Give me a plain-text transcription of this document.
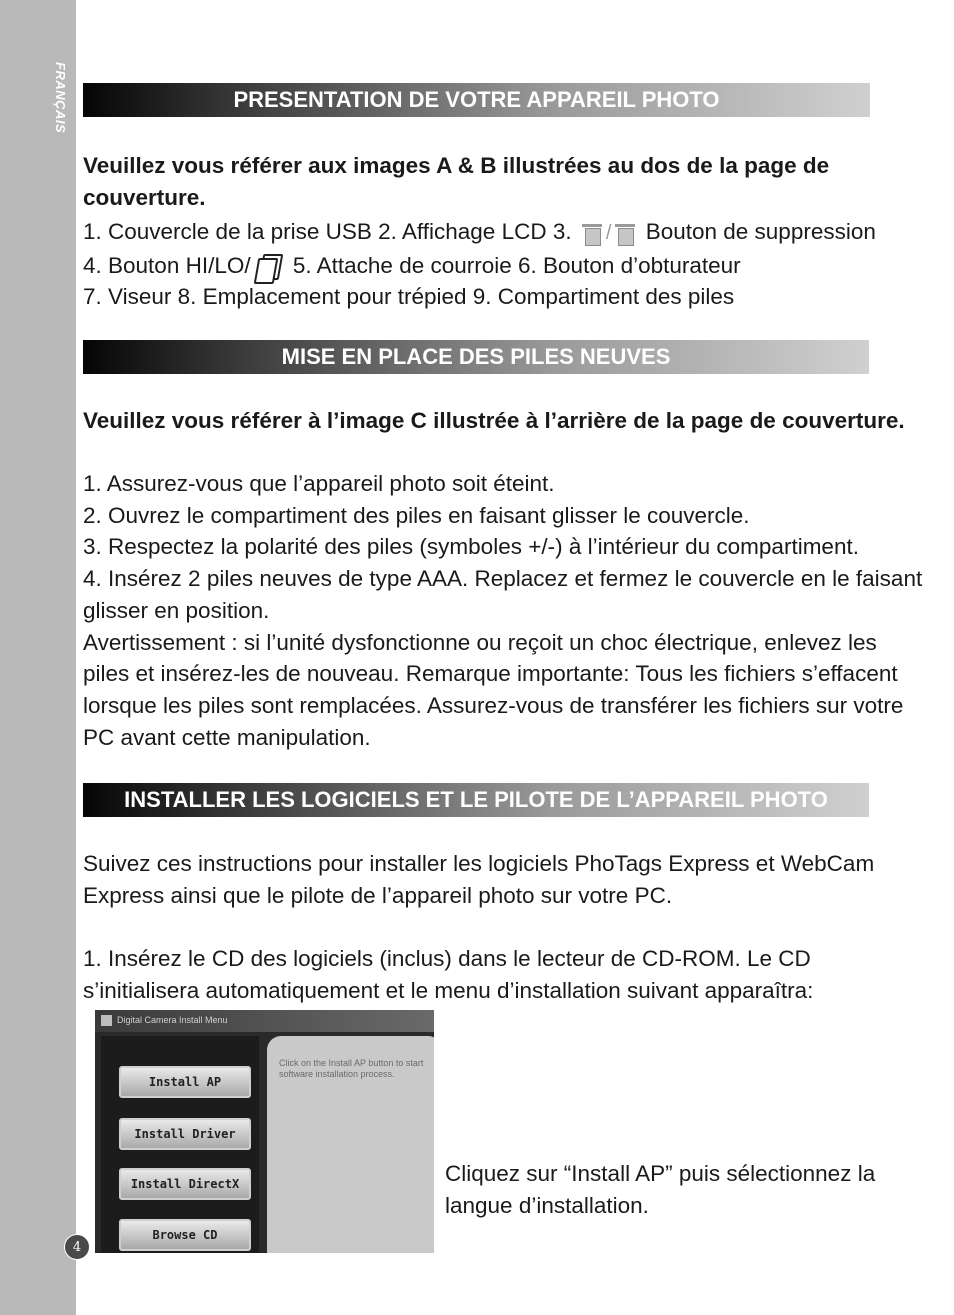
FRANÇAIS
4
PRESENTATION DE VOTRE APPAREIL PHOTO
Veuillez vous référer aux images A & B illustrées au dos de la page de
couverture.
1. Couvercle de la prise USB 2. Affichage LCD 3. / Bouton de suppression
4. Bouton HI/LO/ 5. Attache de courroie 6. Bouton d’obturateur
7. Viseur 8. Emplacement pour trépied 9. Compartiment des piles
MISE EN PLACE DES PILES NEUVES
Veuillez vous référer à l’image C illustrée à l’arrière de la page de couverture.
1. Assurez-vous que l’appareil photo soit éteint.
2. Ouvrez le compartiment des piles en faisant glisser le couvercle.
3. Respectez la polarité des piles (symboles +/-) à l’intérieur du compartiment.
4. Insérez 2 piles neuves de type AAA. Replacez et fermez le couvercle en le faisant
glisser en position.
Avertissement : si l’unité dysfonctionne ou reçoit un choc électrique, enlevez les
piles et insérez-les de nouveau. Remarque importante: Tous les fichiers s’effacent
lorsque les piles sont remplacées. Assurez-vous de transférer les fichiers sur votre
PC avant cette manipulation.
INSTALLER LES LOGICIELS ET LE PILOTE DE L’APPAREIL PHOTO
Suivez ces instructions pour installer les logiciels PhoTags Express et WebCam
Express ainsi que le pilote de l’appareil photo sur votre PC.
1. Insérez le CD des logiciels (inclus) dans le lecteur de CD-ROM. Le CD
s’initialisera automatiquement et le menu d’installation suivant apparaîtra:
Digital Camera Install Menu
Install AP
Install Driver
Install DirectX
Browse CD
Click on the Install AP button to start software installation process.
Cliquez sur “Install AP” puis sélectionnez la
langue d’installation.
